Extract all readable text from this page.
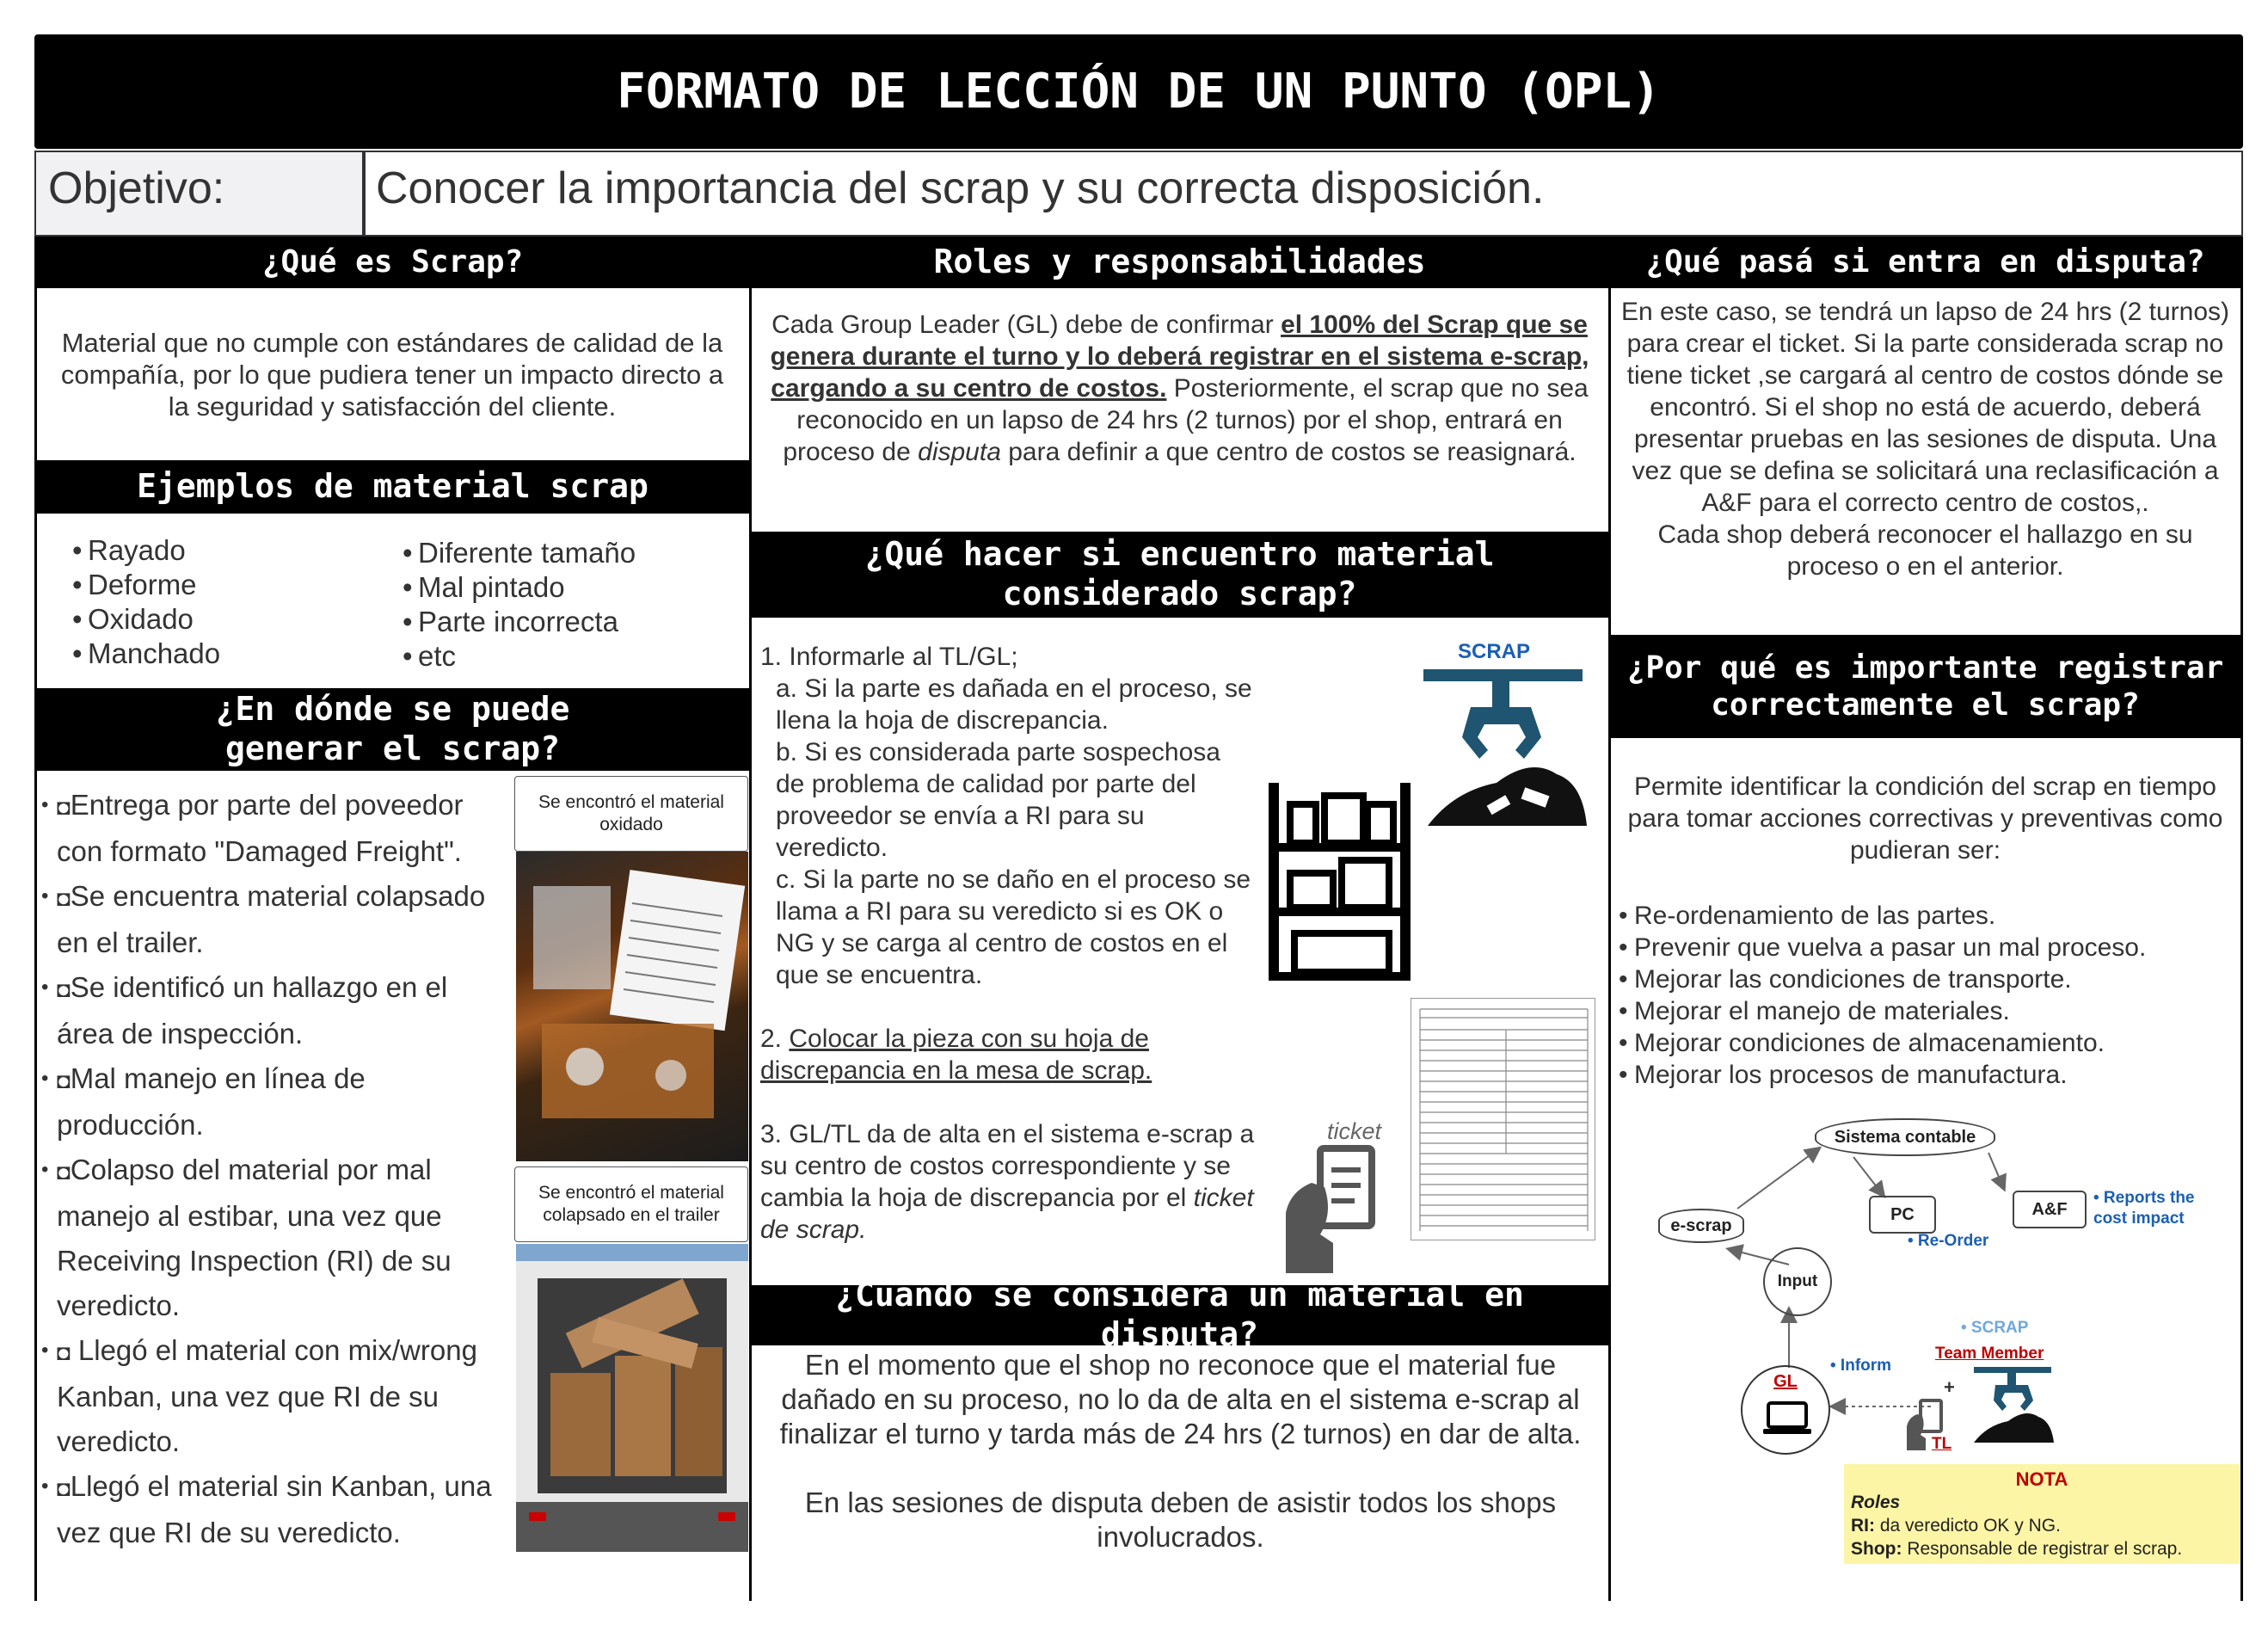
FORMATO DE LECCIÓN DE UN PUNTO (OPL)
Objetivo:	Conocer la importancia del scrap y su correcta disposición.
¿Qué es Scrap?
Material que no cumple con estándares de calidad de la compañía, por lo que pudiera tener un impacto directo a la seguridad y satisfacción del cliente.
Ejemplos de material scrap
• Rayado
• Deforme
• Oxidado
• Manchado
• Diferente tamaño
• Mal pintado
• Parte incorrecta
• etc
¿En dónde se puede generar el scrap?
• ◘Entrega por parte del poveedor con formato "Damaged Freight".
• ◘Se encuentra material colapsado en el trailer.
• ◘Se identificó un hallazgo en el área de inspección.
• ◘Mal manejo en línea de producción.
• ◘Colapso del material por mal manejo al estibar, una vez que Receiving Inspection (RI) de su veredicto.
• ◘ Llegó el material con mix/wrong Kanban, una vez que RI de su veredicto.
• ◘Llegó el material sin Kanban, una vez que RI de su veredicto.
Se encontró el material oxidado
Se encontró el material colapsado en el trailer
Roles y responsabilidades
Cada Group Leader (GL) debe de confirmar el 100% del Scrap que se genera durante el turno y lo deberá registrar en el sistema e-scrap, cargando a su centro de costos. Posteriormente, el scrap que no sea reconocido en un lapso de 24 hrs (2 turnos) por el shop, entrará en proceso de disputa para definir a que centro de costos se reasignará.
¿Qué hacer si encuentro material considerado scrap?
1. Informarle al TL/GL;
a. Si la parte es dañada en el proceso, se llena la hoja de discrepancia.
b. Si es considerada parte sospechosa de problema de calidad por parte del proveedor se envía a RI para su veredicto.
c. Si la parte no se daño en el proceso se llama a RI para su veredicto si es OK o NG y se carga al centro de costos en el que se encuentra.
2. Colocar la pieza con su hoja de discrepancia en la mesa de scrap.
3. GL/TL da de alta en el sistema e-scrap a su centro de costos correspondiente y se cambia la hoja de discrepancia por el ticket de scrap.
SCRAP
ticket
¿Cuando se considera un material en disputa?
En el momento que el shop no reconoce que el material fue dañado en su proceso, no lo da de alta en el sistema e-scrap al finalizar el turno y tarda más de 24 hrs (2 turnos) en dar de alta.
En las sesiones de disputa deben de asistir todos los shops involucrados.
¿Qué pasá si entra en disputa?
En este caso, se tendrá un lapso de 24 hrs (2 turnos) para crear el ticket. Si la parte considerada scrap no tiene ticket ,se cargará al centro de costos dónde se encontró. Si el shop no está de acuerdo, deberá presentar pruebas en las sesiones de disputa. Una vez que se defina se solicitará una reclasificación a A&F para el correcto centro de costos,.
Cada shop deberá reconocer el hallazgo en su proceso o en el anterior.
¿Por qué es importante registrar correctamente el scrap?
Permite identificar la condición del scrap en tiempo para tomar acciones correctivas y preventivas como pudieran ser:
• Re-ordenamiento de las partes.
• Prevenir que vuelva a pasar un mal proceso.
• Mejorar las condiciones de transporte.
• Mejorar el manejo de materiales.
• Mejorar condiciones de almacenamiento.
• Mejorar los procesos de manufactura.
Sistema contable
e-scrap
PC	A&F
• Re-Order
• Reports the cost impact
Input
• Inform
• SCRAP
Team Member
GL
TL
+
NOTA
Roles
RI: da veredicto OK y NG.
Shop: Responsable de registrar el scrap.
